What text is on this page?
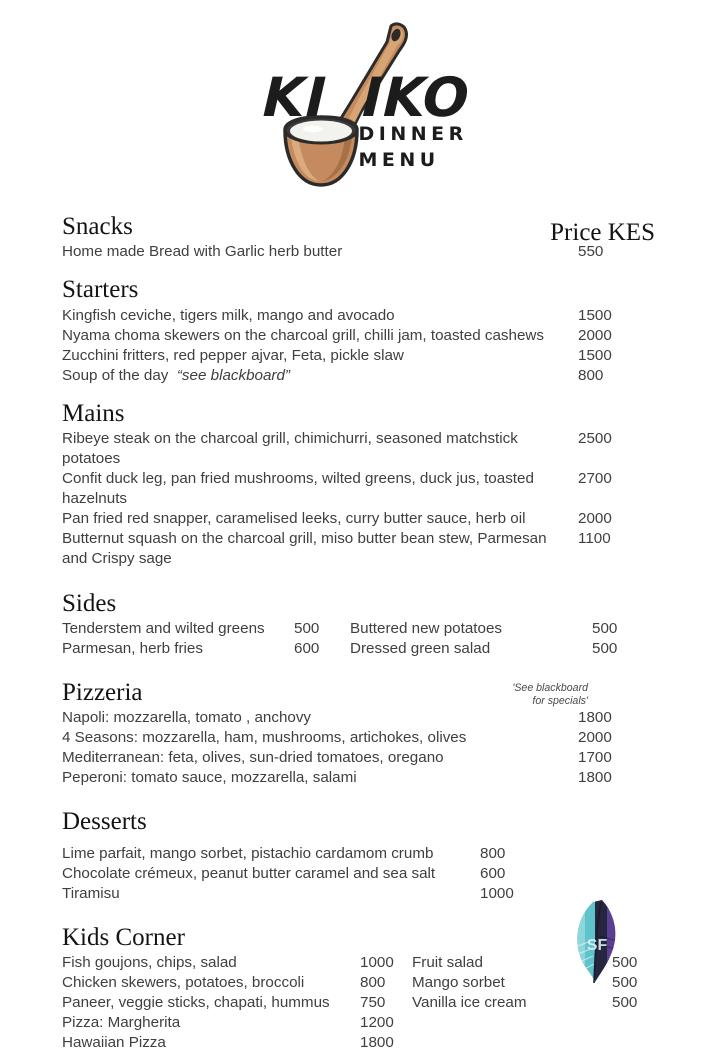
KI IKO
DINNER
MENU
Snacks	Price KES
Home made Bread with Garlic herb butter	550
Starters
Kingfish ceviche, tigers milk, mango and avocado	1500
Nyama choma skewers on the charcoal grill, chilli jam, toasted cashews	2000
Zucchini fritters, red pepper ajvar, Feta, pickle slaw	1500
Soup of the day “see blackboard”	800
Mains
Ribeye steak on the charcoal grill, chimichurri, seasoned matchstick potatoes
2500
Confit duck leg, pan fried mushrooms, wilted greens, duck jus, toasted hazelnuts
2700
Pan fried red snapper, caramelised leeks, curry butter sauce, herb oil	2000
Butternut squash on the charcoal grill, miso butter bean stew, Parmesan and Crispy sage
1100
Sides
Tenderstem and wilted greens	500	Buttered new potatoes	500
Parmesan, herb fries	600	Dressed green salad	500
Pizzeria	'See blackboard
for specials'
Napoli: mozzarella, tomato , anchovy	1800
4 Seasons: mozzarella, ham, mushrooms, artichokes, olives	2000
Mediterranean: feta, olives, sun-dried tomatoes, oregano	1700
Peperoni: tomato sauce, mozzarella, salami	1800
Desserts
Lime parfait, mango sorbet, pistachio cardamom crumb	800
Chocolate crémeux, peanut butter caramel and sea salt	600
Tiramisu	1000
Kids Corner
Fish goujons, chips, salad	1000	Fruit salad	500
Chicken skewers, potatoes, broccoli	800	Mango sorbet	500
Paneer, veggie sticks, chapati, hummus	750	Vanilla ice cream	500
Pizza: Margherita	1200
Hawaiian Pizza	1800
SF
